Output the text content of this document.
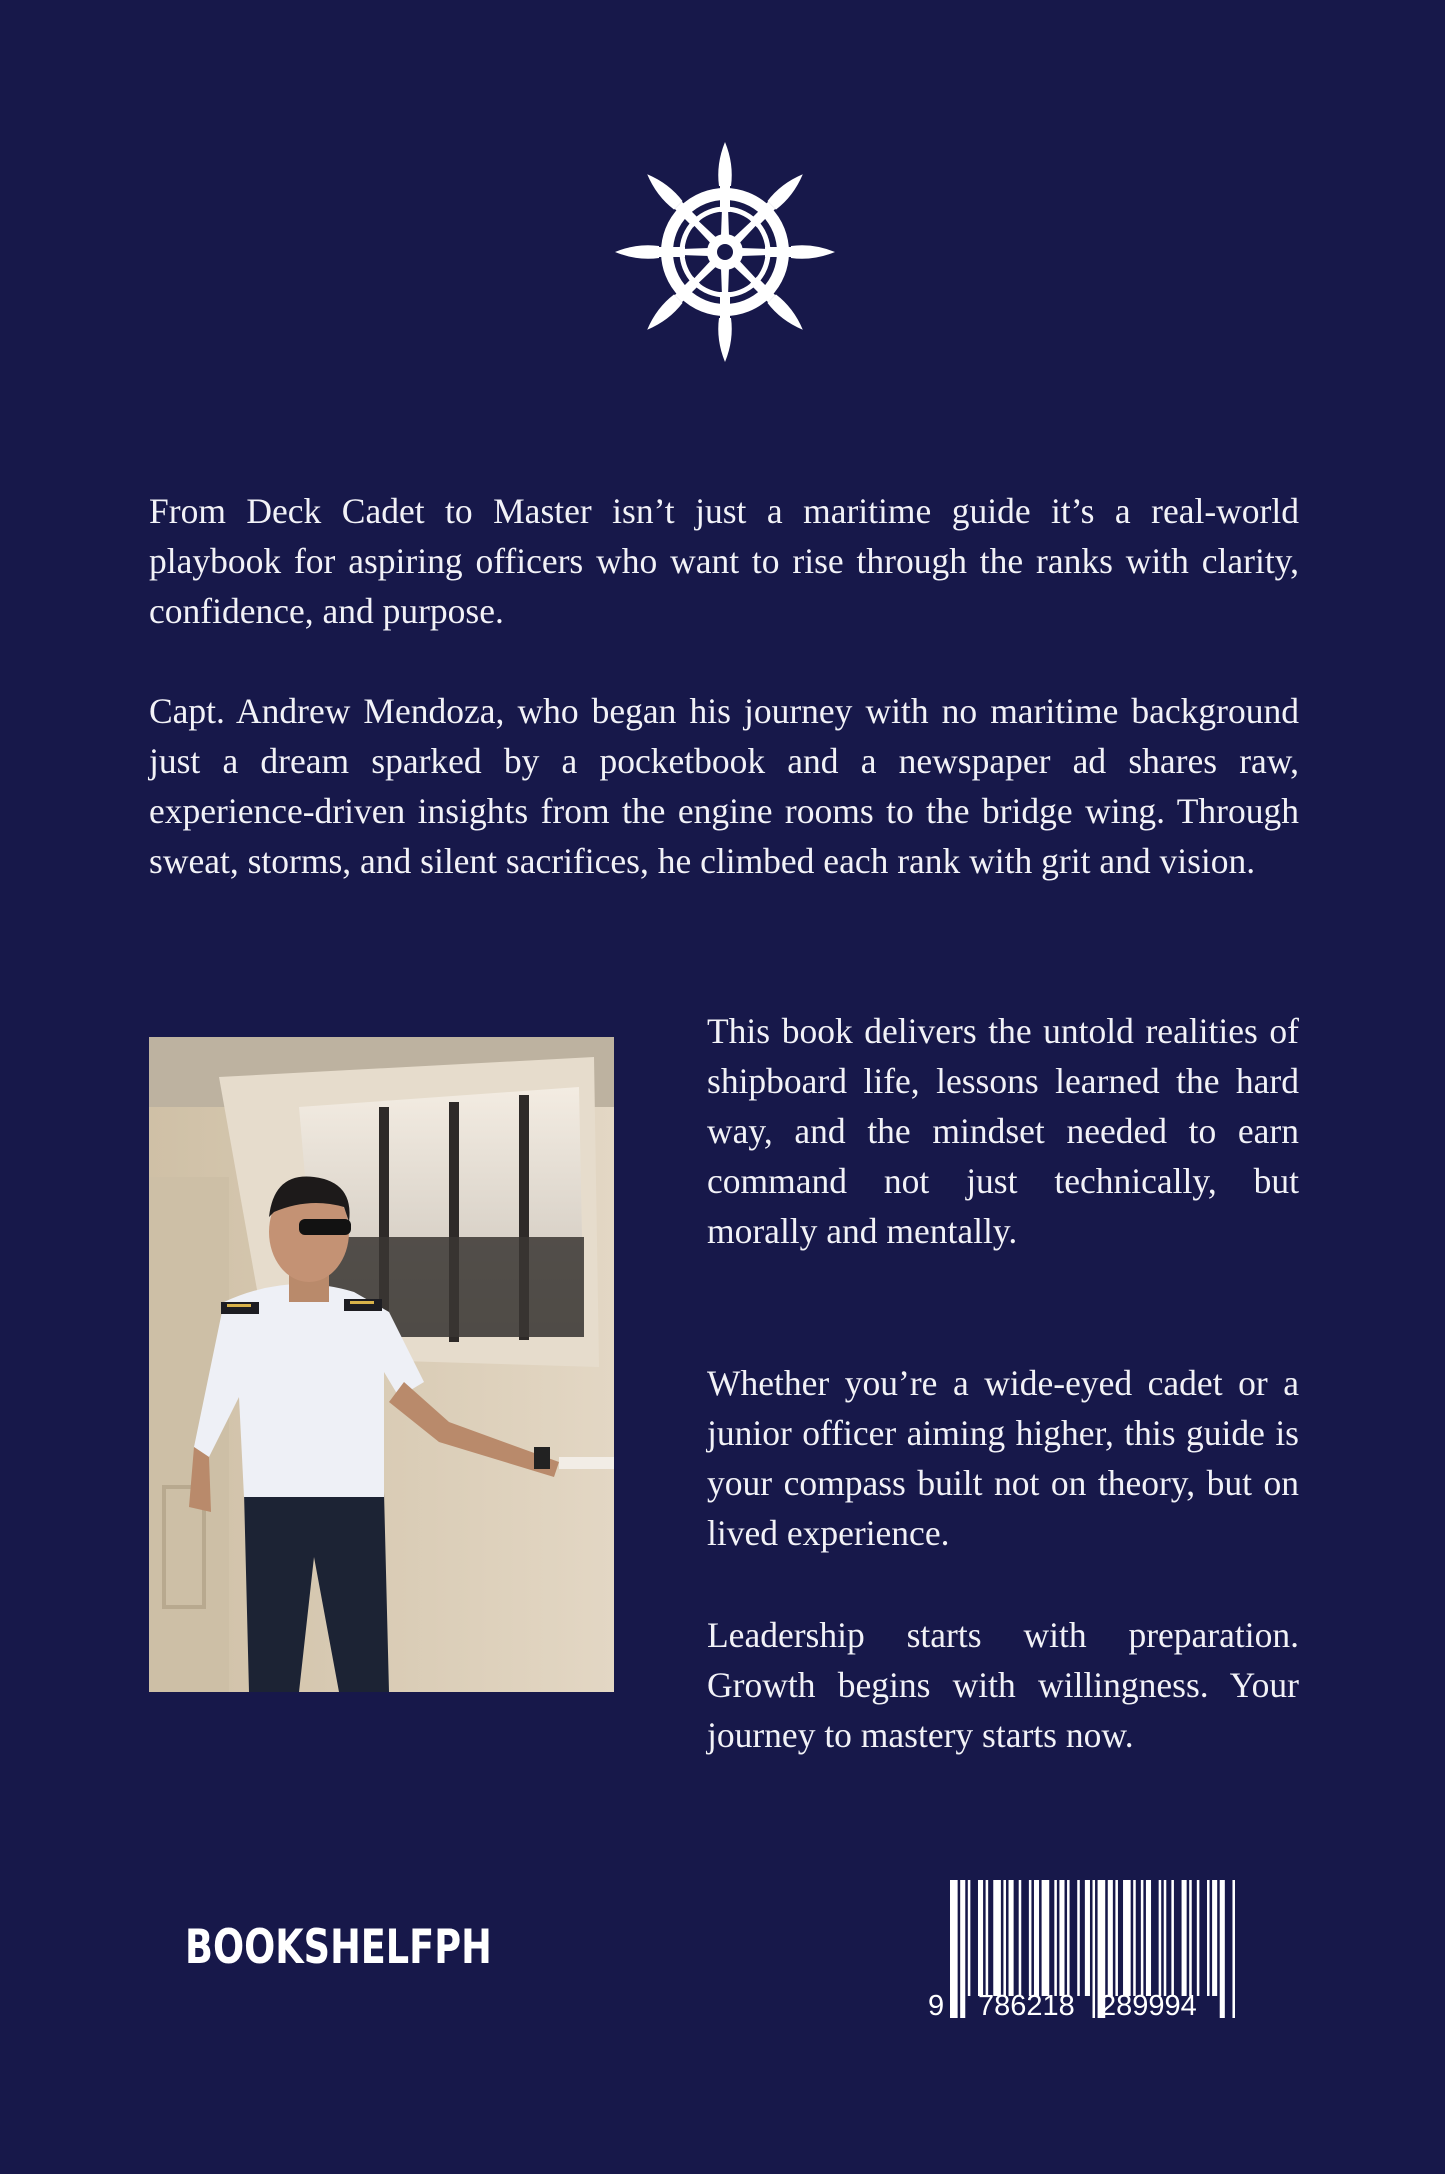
From Deck Cadet to Master isn’t just a maritime guide it’s a real-world playbook for aspiring officers who want to rise through the ranks with clarity, confidence, and purpose.

Capt. Andrew Mendoza, who began his journey with no maritime background just a dream sparked by a pocketbook and a newspaper ad shares raw, experience-driven insights from the engine rooms to the bridge wing. Through sweat, storms, and silent sacrifices, he climbed each rank with grit and vision.

This book delivers the untold realities of shipboard life, lessons learned the hard way, and the mindset needed to earn command not just technically, but morally and mentally.

Whether you’re a wide-eyed cadet or a junior officer aiming higher, this guide is your compass built not on theory, but on lived experience.

Leadership starts with preparation. Growth begins with willingness. Your journey to mastery starts now.

BOOKSHELFPH

9

786218

289994
